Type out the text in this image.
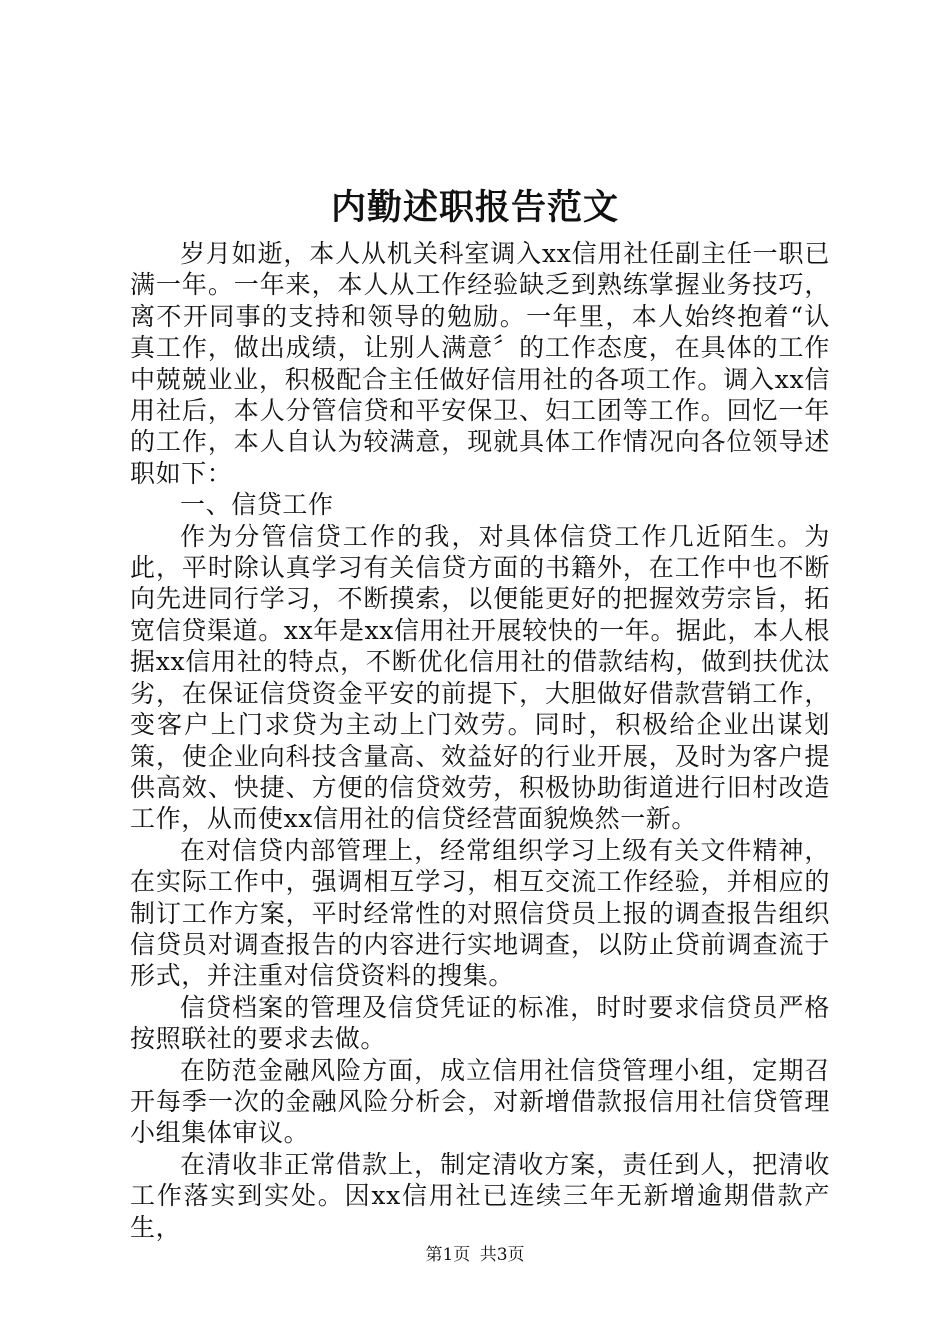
内勤述职报告范文

岁月如逝，本人从机关科室调入xx信用社任副主任一职已满一年。一年来，本人从工作经验缺乏到熟练掌握业务技巧，离不开同事的支持和领导的勉励。一年里，本人始终抱着“认真工作，做出成绩，让别人满意〞的工作态度，在具体的工作中兢兢业业，积极配合主任做好信用社的各项工作。调入xx信用社后，本人分管信贷和平安保卫、妇工团等工作。回忆一年的工作，本人自认为较满意，现就具体工作情况向各位领导述职如下：

一、信贷工作

作为分管信贷工作的我，对具体信贷工作几近陌生。为此，平时除认真学习有关信贷方面的书籍外，在工作中也不断向先进同行学习，不断摸索，以便能更好的把握效劳宗旨，拓宽信贷渠道。xx年是xx信用社开展较快的一年。据此，本人根据xx信用社的特点，不断优化信用社的借款结构，做到扶优汰劣，在保证信贷资金平安的前提下，大胆做好借款营销工作，变客户上门求贷为主动上门效劳。同时，积极给企业出谋划策，使企业向科技含量高、效益好的行业开展，及时为客户提供高效、快捷、方便的信贷效劳，积极协助街道进行旧村改造工作，从而使xx信用社的信贷经营面貌焕然一新。

在对信贷内部管理上，经常组织学习上级有关文件精神，在实际工作中，强调相互学习，相互交流工作经验，并相应的制订工作方案，平时经常性的对照信贷员上报的调查报告组织信贷员对调查报告的内容进行实地调查，以防止贷前调查流于形式，并注重对信贷资料的搜集。

信贷档案的管理及信贷凭证的标准，时时要求信贷员严格按照联社的要求去做。

在防范金融风险方面，成立信用社信贷管理小组，定期召开每季一次的金融风险分析会，对新增借款报信用社信贷管理小组集体审议。

在清收非正常借款上，制定清收方案，责任到人，把清收工作落实到实处。因xx信用社已连续三年无新增逾期借款产生，

第1页 共3页
